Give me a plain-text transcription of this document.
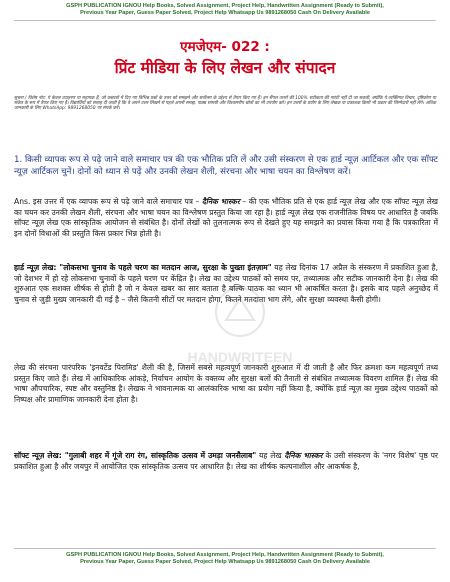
GSPH PUBLICATION IGNOU Help Books, Solved Assignment, Project Help, Handwritten Assignment (Ready to Submit),
Previous Year Paper, Guess Paper Solved, Project Help Whatsapp Us 9891268050 Cash On Delivery Available
एमजेएम- 022 :
प्रिंट मीडिया के लिए लेखन और संपादन
सूचना / विशेष नोट: ये केवल उदाहरण या सहायक हैं, जो प्रश्नपत्रों में दिए गए विभिन्न प्रश्नों के उत्तर को समझने और सर्वोत्तम के उद्देश्य से तैयार किए गए हैं। इन सैंपल उत्तरों की 100% सटीकता की गारंटी नहीं दी जा सकती, क्योंकि ये व्यक्तिगत विचार, दृष्टिकोण या संकेत के रूप में तैयार किए गए हैं। विद्यार्थियों को सलाह दी जाती है कि वे अपने उत्तर लिखने से पहले अपनी समझ, पाठ्य सामग्री और विश्वसनीय स्रोतों का भी उपयोग करें। इन उत्तरों के प्रयोग के लिए लेखक या प्रकाशक किसी भी प्रकार की जिम्मेदारी नहीं लेंगे। अधिक जानकारी के लिए WhatsApp: 9891268050 पर संपर्क करें।
1. किसी व्यापक रूप से पढ़े जाने वाले समाचार पत्र की एक भौतिक प्रति लें और उसी संस्करण से एक हार्ड न्यूज़ आर्टिकल और एक सॉफ्ट न्यूज़ आर्टिकल चुनें। दोनों को ध्यान से पढ़ें और उनकी लेखन शैली, संरचना और भाषा चयन का विश्लेषण करें।
Ans. इस उत्तर में एक व्यापक रूप से पढ़े जाने वाले समाचार पत्र – दैनिक भास्कर – की एक भौतिक प्रति से एक हार्ड न्यूज़ लेख और एक सॉफ्ट न्यूज़ लेख का चयन कर उनकी लेखन शैली, संरचना और भाषा चयन का विश्लेषण प्रस्तुत किया जा रहा है। हार्ड न्यूज़ लेख एक राजनीतिक विषय पर आधारित है जबकि सॉफ्ट न्यूज़ लेख एक सांस्कृतिक आयोजन से संबंधित है। दोनों लेखों को तुलनात्मक रूप से देखते हुए यह समझने का प्रयास किया गया है कि पत्रकारिता में इन दोनों विधाओं की प्रस्तुति किस प्रकार भिन्न होती है।
HANDWRITEEN
हार्ड न्यूज़ लेख: "लोकसभा चुनाव के पहले चरण का मतदान आज, सुरक्षा के पुख्ता इंतज़ाम" यह लेख दिनांक 17 अप्रैल के संस्करण में प्रकाशित हुआ है, जो देशभर में हो रहे लोकसभा चुनावों के पहले चरण पर केंद्रित है। लेख का उद्देश्य पाठकों को समय पर, तथ्यात्मक और सटीक जानकारी देना है। लेख की शुरुआत एक सशक्त शीर्षक से होती है जो न केवल खबर का सार बताता है बल्कि पाठक का ध्यान भी आकर्षित करता है। इसके बाद पहले अनुच्छेद में चुनाव से जुड़ी मुख्य जानकारी दी गई है – जैसे कितनी सीटों पर मतदान होगा, कितने मतदाता भाग लेंगे, और सुरक्षा व्यवस्था कैसी होगी।
लेख की संरचना पारंपरिक 'इनवर्टेड पिरामिड' शैली की है, जिसमें सबसे महत्वपूर्ण जानकारी शुरुआत में दी जाती है और फिर क्रमशः कम महत्वपूर्ण तथ्य प्रस्तुत किए जाते हैं। लेख में आधिकारिक आंकड़े, निर्वाचन आयोग के वक्तव्य और सुरक्षा बलों की तैनाती से संबंधित तथ्यात्मक विवरण शामिल हैं। लेख की भाषा औपचारिक, स्पष्ट और वस्तुनिष्ठ है। लेखक ने भावनात्मक या आलंकारिक भाषा का प्रयोग नहीं किया है, क्योंकि हार्ड न्यूज़ का मुख्य उद्देश्य पाठकों को निष्पक्ष और प्रामाणिक जानकारी देना होता है।
सॉफ्ट न्यूज़ लेख: "गुलाबी शहर में गूंजे राग रंग, सांस्कृतिक उत्सव में उमड़ा जनसैलाब" यह लेख दैनिक भास्कर के उसी संस्करण के 'नगर विशेष' पृष्ठ पर प्रकाशित हुआ है और जयपुर में आयोजित एक सांस्कृतिक उत्सव पर आधारित है। लेख का शीर्षक कल्पनाशील और आकर्षक है,
GSPH PUBLICATION IGNOU Help Books, Solved Assignment, Project Help, Handwritten Assignment (Ready to Submit),
Previous Year Paper, Guess Paper Solved, Project Help Whatsapp Us 9891268050 Cash On Delivery Available
